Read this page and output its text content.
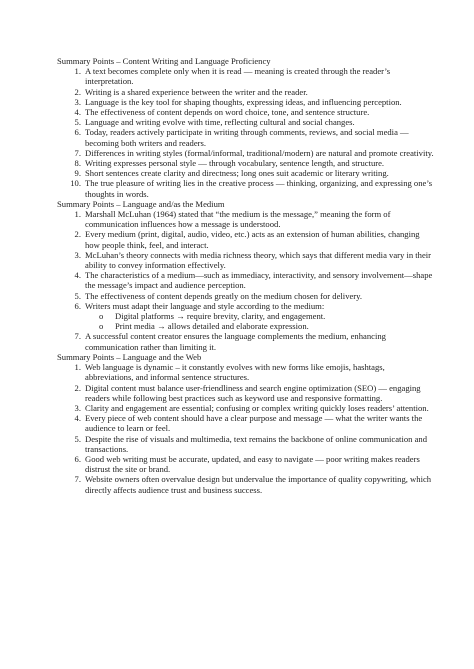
Summary Points – Content Writing and Language Proficiency
1. A text becomes complete only when it is read — meaning is created through the reader’s interpretation.
2. Writing is a shared experience between the writer and the reader.
3. Language is the key tool for shaping thoughts, expressing ideas, and influencing perception.
4. The effectiveness of content depends on word choice, tone, and sentence structure.
5. Language and writing evolve with time, reflecting cultural and social changes.
6. Today, readers actively participate in writing through comments, reviews, and social media — becoming both writers and readers.
7. Differences in writing styles (formal/informal, traditional/modern) are natural and promote creativity.
8. Writing expresses personal style — through vocabulary, sentence length, and structure.
9. Short sentences create clarity and directness; long ones suit academic or literary writing.
10. The true pleasure of writing lies in the creative process — thinking, organizing, and expressing one’s thoughts in words.
Summary Points – Language and/as the Medium
1. Marshall McLuhan (1964) stated that “the medium is the message,” meaning the form of communication influences how a message is understood.
2. Every medium (print, digital, audio, video, etc.) acts as an extension of human abilities, changing how people think, feel, and interact.
3. McLuhan’s theory connects with media richness theory, which says that different media vary in their ability to convey information effectively.
4. The characteristics of a medium—such as immediacy, interactivity, and sensory involvement—shape the message’s impact and audience perception.
5. The effectiveness of content depends greatly on the medium chosen for delivery.
6. Writers must adapt their language and style according to the medium:
o Digital platforms → require brevity, clarity, and engagement.
o Print media → allows detailed and elaborate expression.
7. A successful content creator ensures the language complements the medium, enhancing communication rather than limiting it.
Summary Points – Language and the Web
1. Web language is dynamic – it constantly evolves with new forms like emojis, hashtags, abbreviations, and informal sentence structures.
2. Digital content must balance user-friendliness and search engine optimization (SEO) — engaging readers while following best practices such as keyword use and responsive formatting.
3. Clarity and engagement are essential; confusing or complex writing quickly loses readers’ attention.
4. Every piece of web content should have a clear purpose and message — what the writer wants the audience to learn or feel.
5. Despite the rise of visuals and multimedia, text remains the backbone of online communication and transactions.
6. Good web writing must be accurate, updated, and easy to navigate — poor writing makes readers distrust the site or brand.
7. Website owners often overvalue design but undervalue the importance of quality copywriting, which directly affects audience trust and business success.
